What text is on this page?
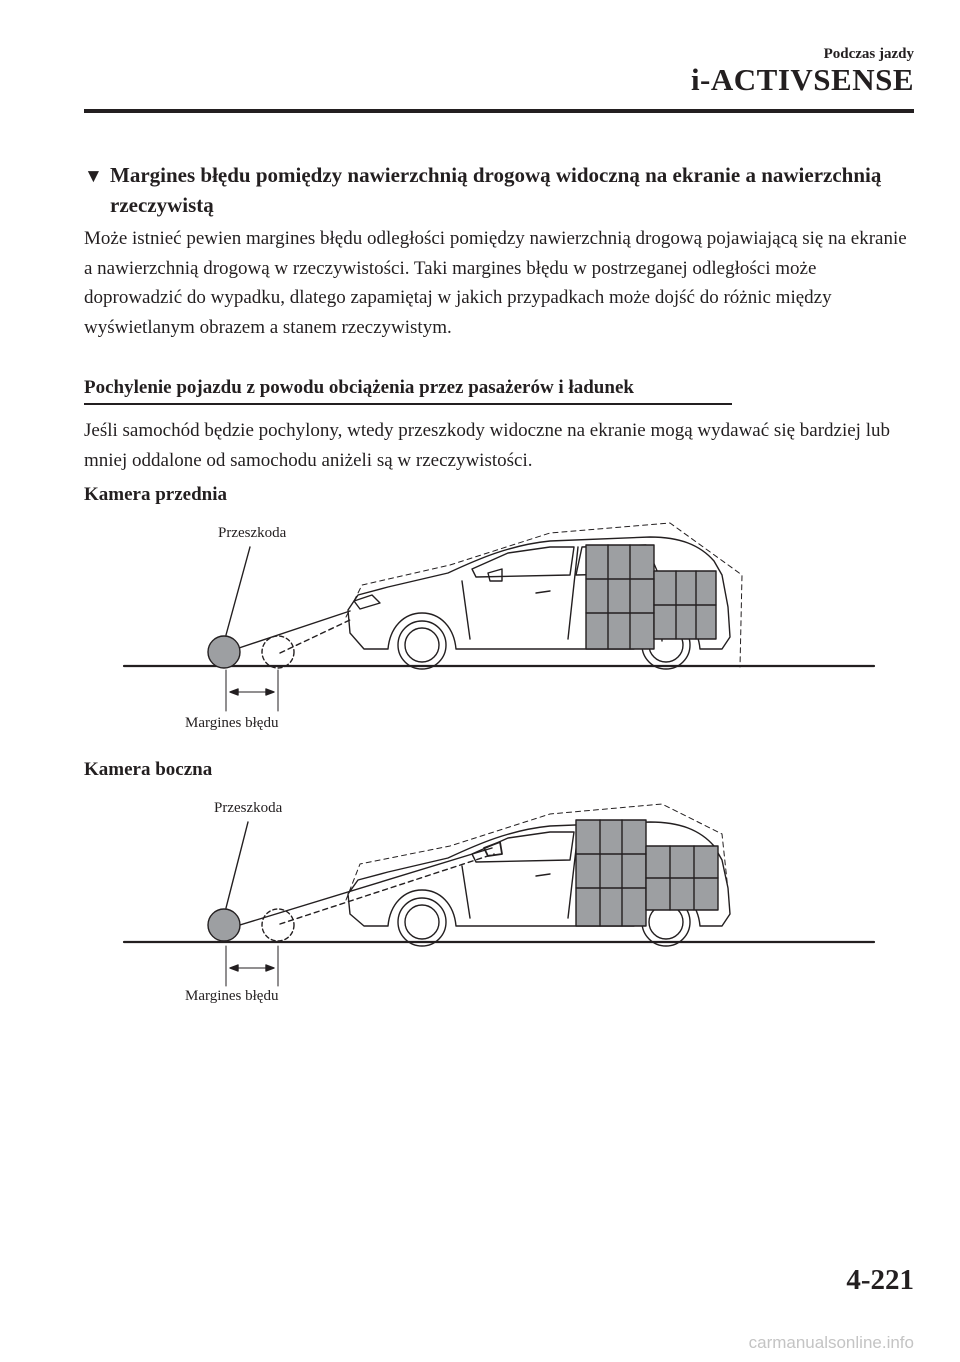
Podczas jazdy
i-ACTIVSENSE
▼ Margines błędu pomiędzy nawierzchnią drogową widoczną na ekranie a nawierzchnią rzeczywistą
Może istnieć pewien margines błędu odległości pomiędzy nawierzchnią drogową pojawiającą się na ekranie a nawierzchnią drogową w rzeczywistości. Taki margines błędu w postrzeganej odległości może doprowadzić do wypadku, dlatego zapamiętaj w jakich przypadkach może dojść do różnic między wyświetlanym obrazem a stanem rzeczywistym.
Pochylenie pojazdu z powodu obciążenia przez pasażerów i ładunek
Jeśli samochód będzie pochylony, wtedy przeszkody widoczne na ekranie mogą wydawać się bardziej lub mniej oddalone od samochodu aniżeli są w rzeczywistości.
Kamera przednia
Przeszkoda
Margines błędu
Kamera boczna
Przeszkoda
Margines błędu
4-221
carmanualsonline.info
